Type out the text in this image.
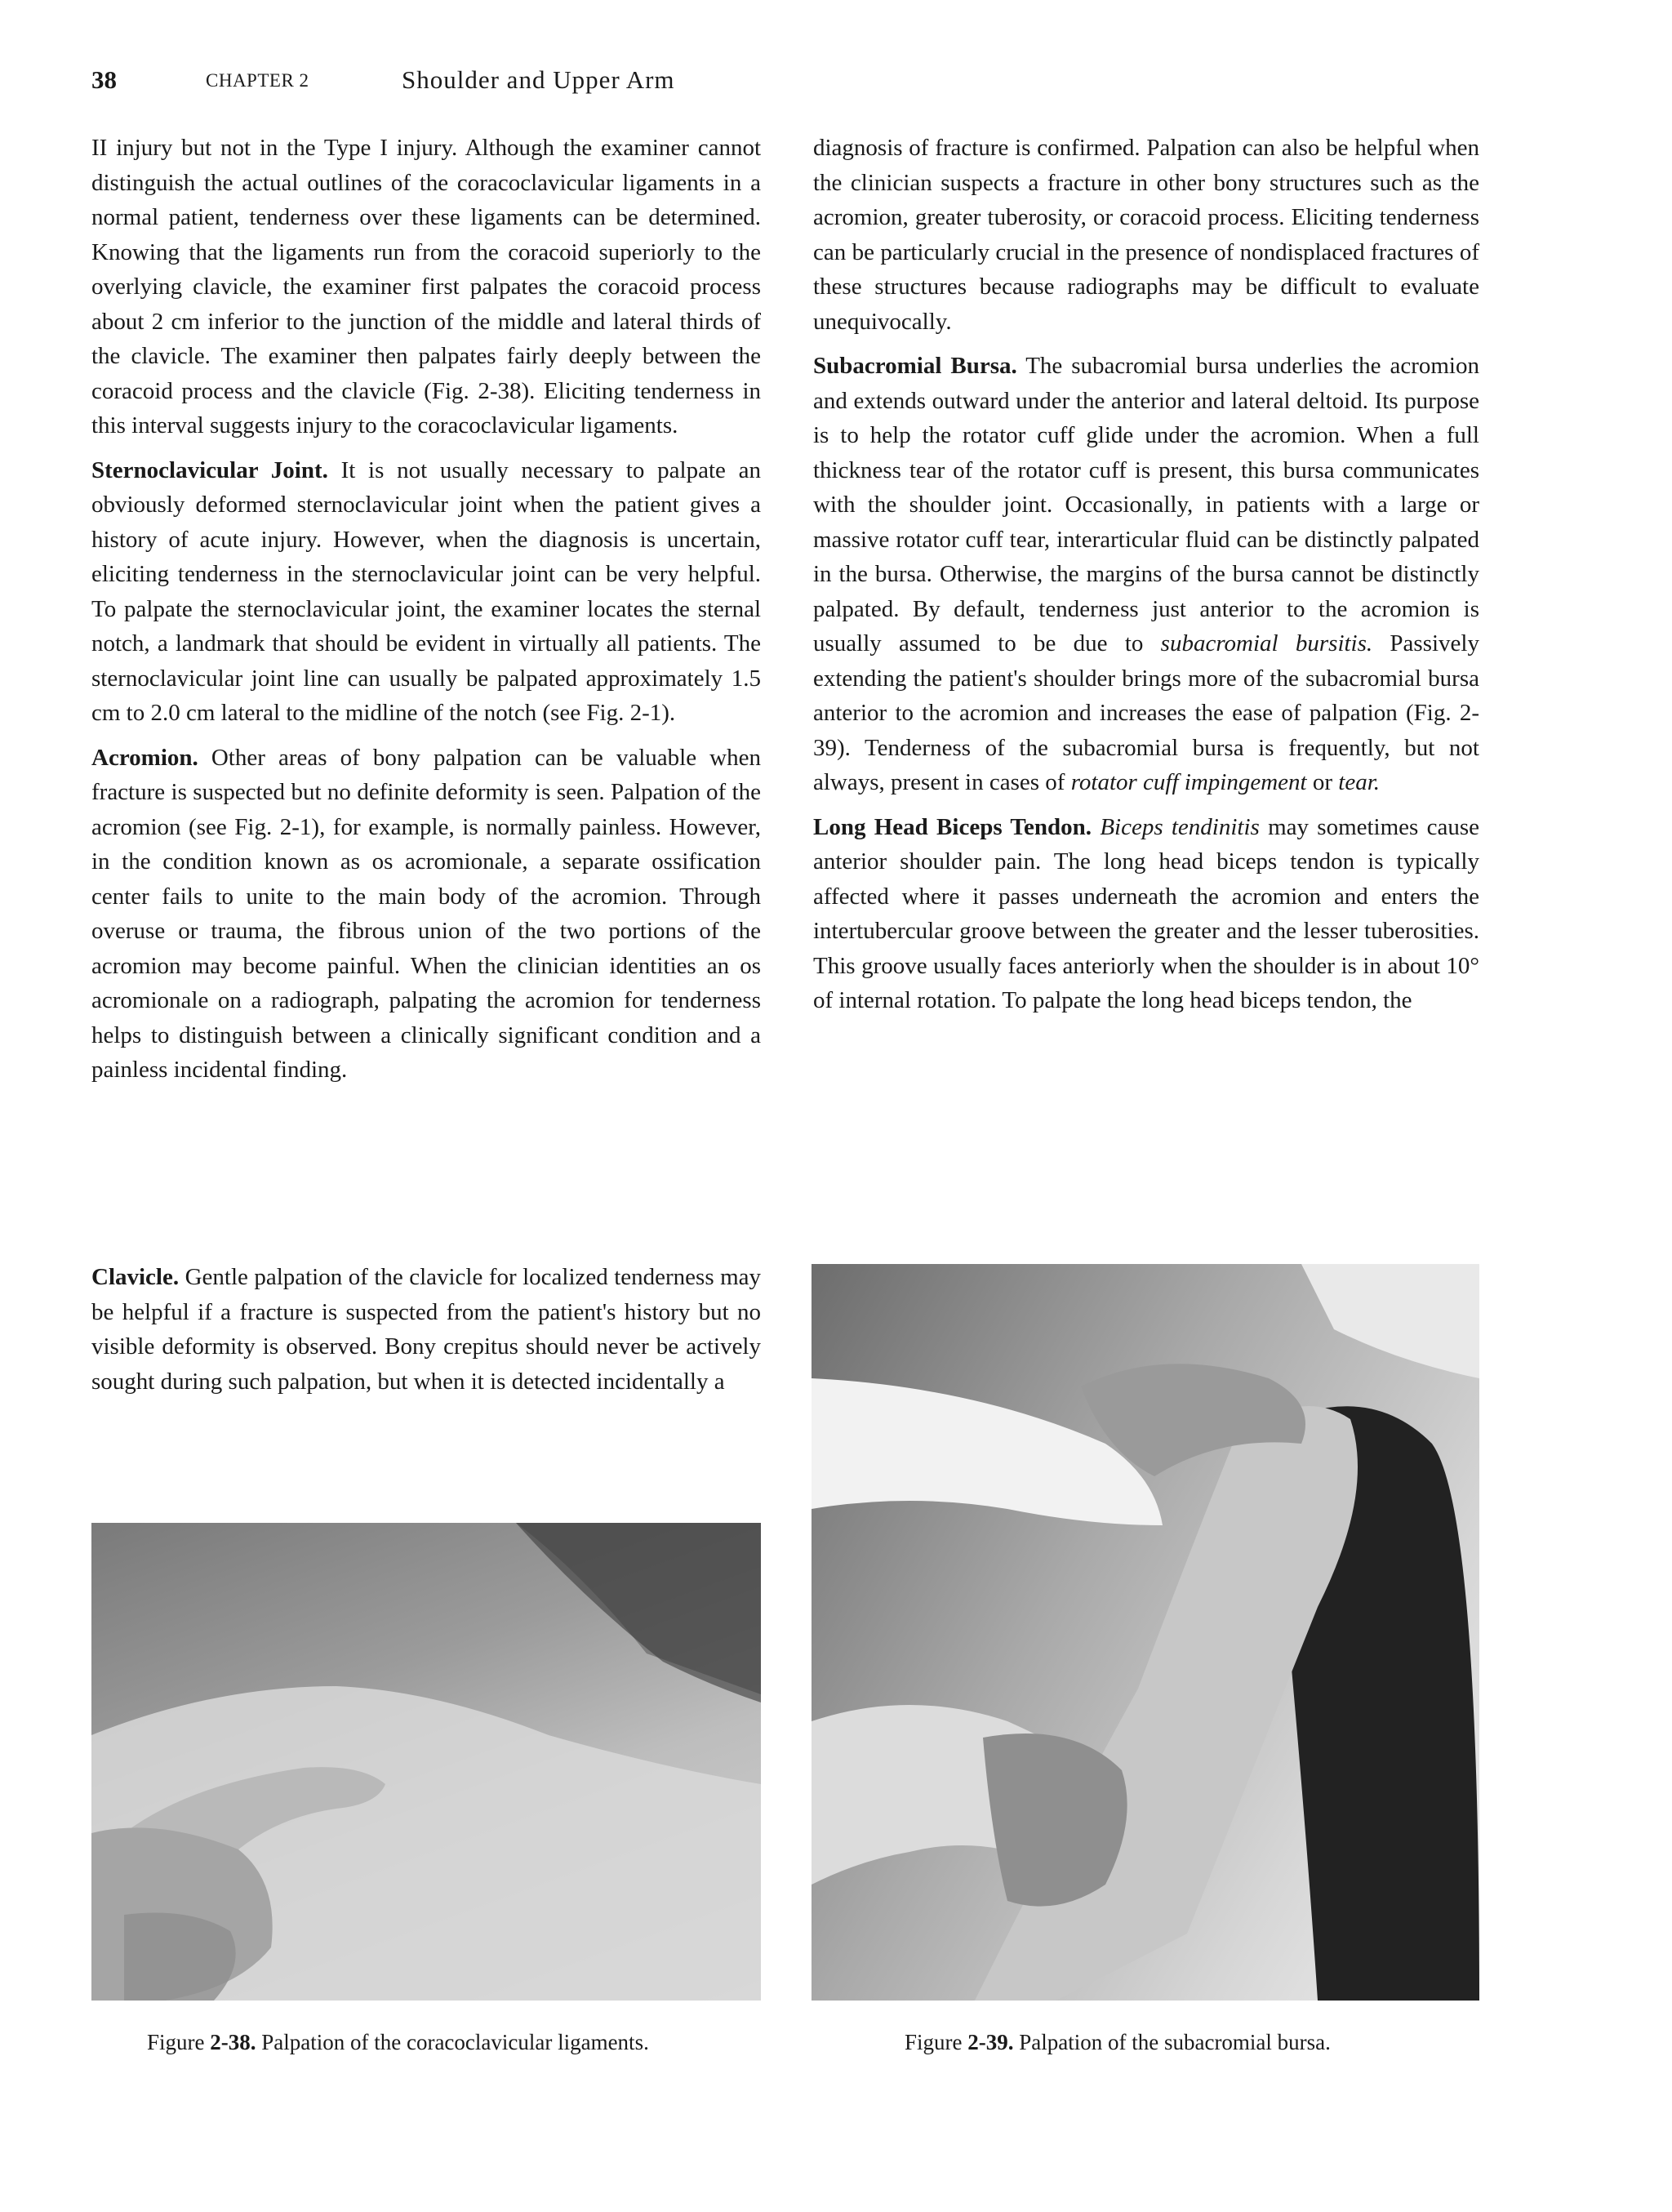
38	CHAPTER 2	Shoulder and Upper Arm

II injury but not in the Type I injury. Although the examiner cannot distinguish the actual outlines of the coracoclavicular ligaments in a normal patient, tenderness over these ligaments can be determined. Knowing that the ligaments run from the coracoid superiorly to the overlying clavicle, the examiner first palpates the coracoid process about 2 cm inferior to the junction of the middle and lateral thirds of the clavicle. The examiner then palpates fairly deeply between the coracoid process and the clavicle (Fig. 2-38). Eliciting tenderness in this interval suggests injury to the coracoclavicular ligaments.

Sternoclavicular Joint. It is not usually necessary to palpate an obviously deformed sternoclavicular joint when the patient gives a history of acute injury. However, when the diagnosis is uncertain, eliciting tenderness in the sternoclavicular joint can be very helpful. To palpate the sternoclavicular joint, the examiner locates the sternal notch, a landmark that should be evident in virtually all patients. The sternoclavicular joint line can usually be palpated approximately 1.5 cm to 2.0 cm lateral to the midline of the notch (see Fig. 2-1).

Acromion. Other areas of bony palpation can be valuable when fracture is suspected but no definite deformity is seen. Palpation of the acromion (see Fig. 2-1), for example, is normally painless. However, in the condition known as os acromionale, a separate ossification center fails to unite to the main body of the acromion. Through overuse or trauma, the fibrous union of the two portions of the acromion may become painful. When the clinician identities an os acromionale on a radiograph, palpating the acromion for tenderness helps to distinguish between a clinically significant condition and a painless incidental finding.

Clavicle. Gentle palpation of the clavicle for localized tenderness may be helpful if a fracture is suspected from the patient's history but no visible deformity is observed. Bony crepitus should never be actively sought during such palpation, but when it is detected incidentally a

diagnosis of fracture is confirmed. Palpation can also be helpful when the clinician suspects a fracture in other bony structures such as the acromion, greater tuberosity, or coracoid process. Eliciting tenderness can be particularly crucial in the presence of nondisplaced fractures of these structures because radiographs may be difficult to evaluate unequivocally.

Subacromial Bursa. The subacromial bursa underlies the acromion and extends outward under the anterior and lateral deltoid. Its purpose is to help the rotator cuff glide under the acromion. When a full thickness tear of the rotator cuff is present, this bursa communicates with the shoulder joint. Occasionally, in patients with a large or massive rotator cuff tear, interarticular fluid can be distinctly palpated in the bursa. Otherwise, the margins of the bursa cannot be distinctly palpated. By default, tenderness just anterior to the acromion is usually assumed to be due to subacromial bursitis. Passively extending the patient's shoulder brings more of the subacromial bursa anterior to the acromion and increases the ease of palpation (Fig. 2-39). Tenderness of the subacromial bursa is frequently, but not always, present in cases of rotator cuff impingement or tear.

Long Head Biceps Tendon. Biceps tendinitis may sometimes cause anterior shoulder pain. The long head biceps tendon is typically affected where it passes underneath the acromion and enters the intertubercular groove between the greater and the lesser tuberosities. This groove usually faces anteriorly when the shoulder is in about 10° of internal rotation. To palpate the long head biceps tendon, the

Figure 2-38. Palpation of the coracoclavicular ligaments.	Figure 2-39. Palpation of the subacromial bursa.
